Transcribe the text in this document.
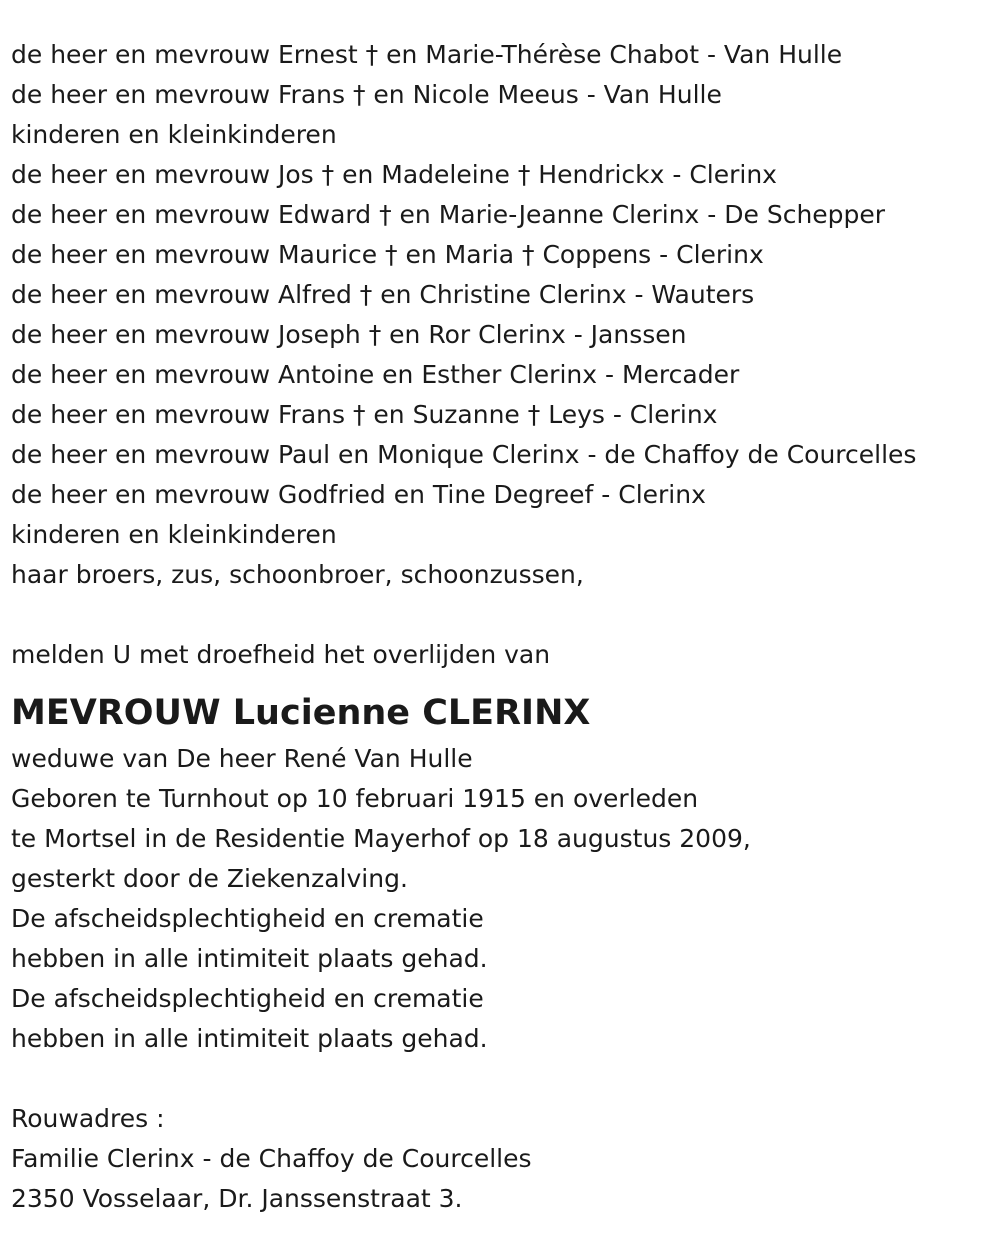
de heer en mevrouw Ernest † en Marie-Thérèse Chabot - Van Hulle
de heer en mevrouw Frans † en Nicole Meeus - Van Hulle
kinderen en kleinkinderen
de heer en mevrouw Jos † en Madeleine † Hendrickx - Clerinx
de heer en mevrouw Edward † en Marie-Jeanne Clerinx - De Schepper
de heer en mevrouw Maurice † en Maria † Coppens - Clerinx
de heer en mevrouw Alfred † en Christine Clerinx - Wauters
de heer en mevrouw Joseph † en Ror Clerinx - Janssen
de heer en mevrouw Antoine en Esther Clerinx - Mercader
de heer en mevrouw Frans † en Suzanne † Leys - Clerinx
de heer en mevrouw Paul en Monique Clerinx - de Chaffoy de Courcelles
de heer en mevrouw Godfried en Tine Degreef - Clerinx
kinderen en kleinkinderen
haar broers, zus, schoonbroer, schoonzussen,
melden U met droefheid het overlijden van
MEVROUW Lucienne CLERINX
weduwe van De heer René Van Hulle
Geboren te Turnhout op 10 februari 1915 en overleden
te Mortsel in de Residentie Mayerhof op 18 augustus 2009,
gesterkt door de Ziekenzalving.
De afscheidsplechtigheid en crematie
hebben in alle intimiteit plaats gehad.
De afscheidsplechtigheid en crematie
hebben in alle intimiteit plaats gehad.
Rouwadres :
Familie Clerinx - de Chaffoy de Courcelles
2350 Vosselaar, Dr. Janssenstraat 3.
